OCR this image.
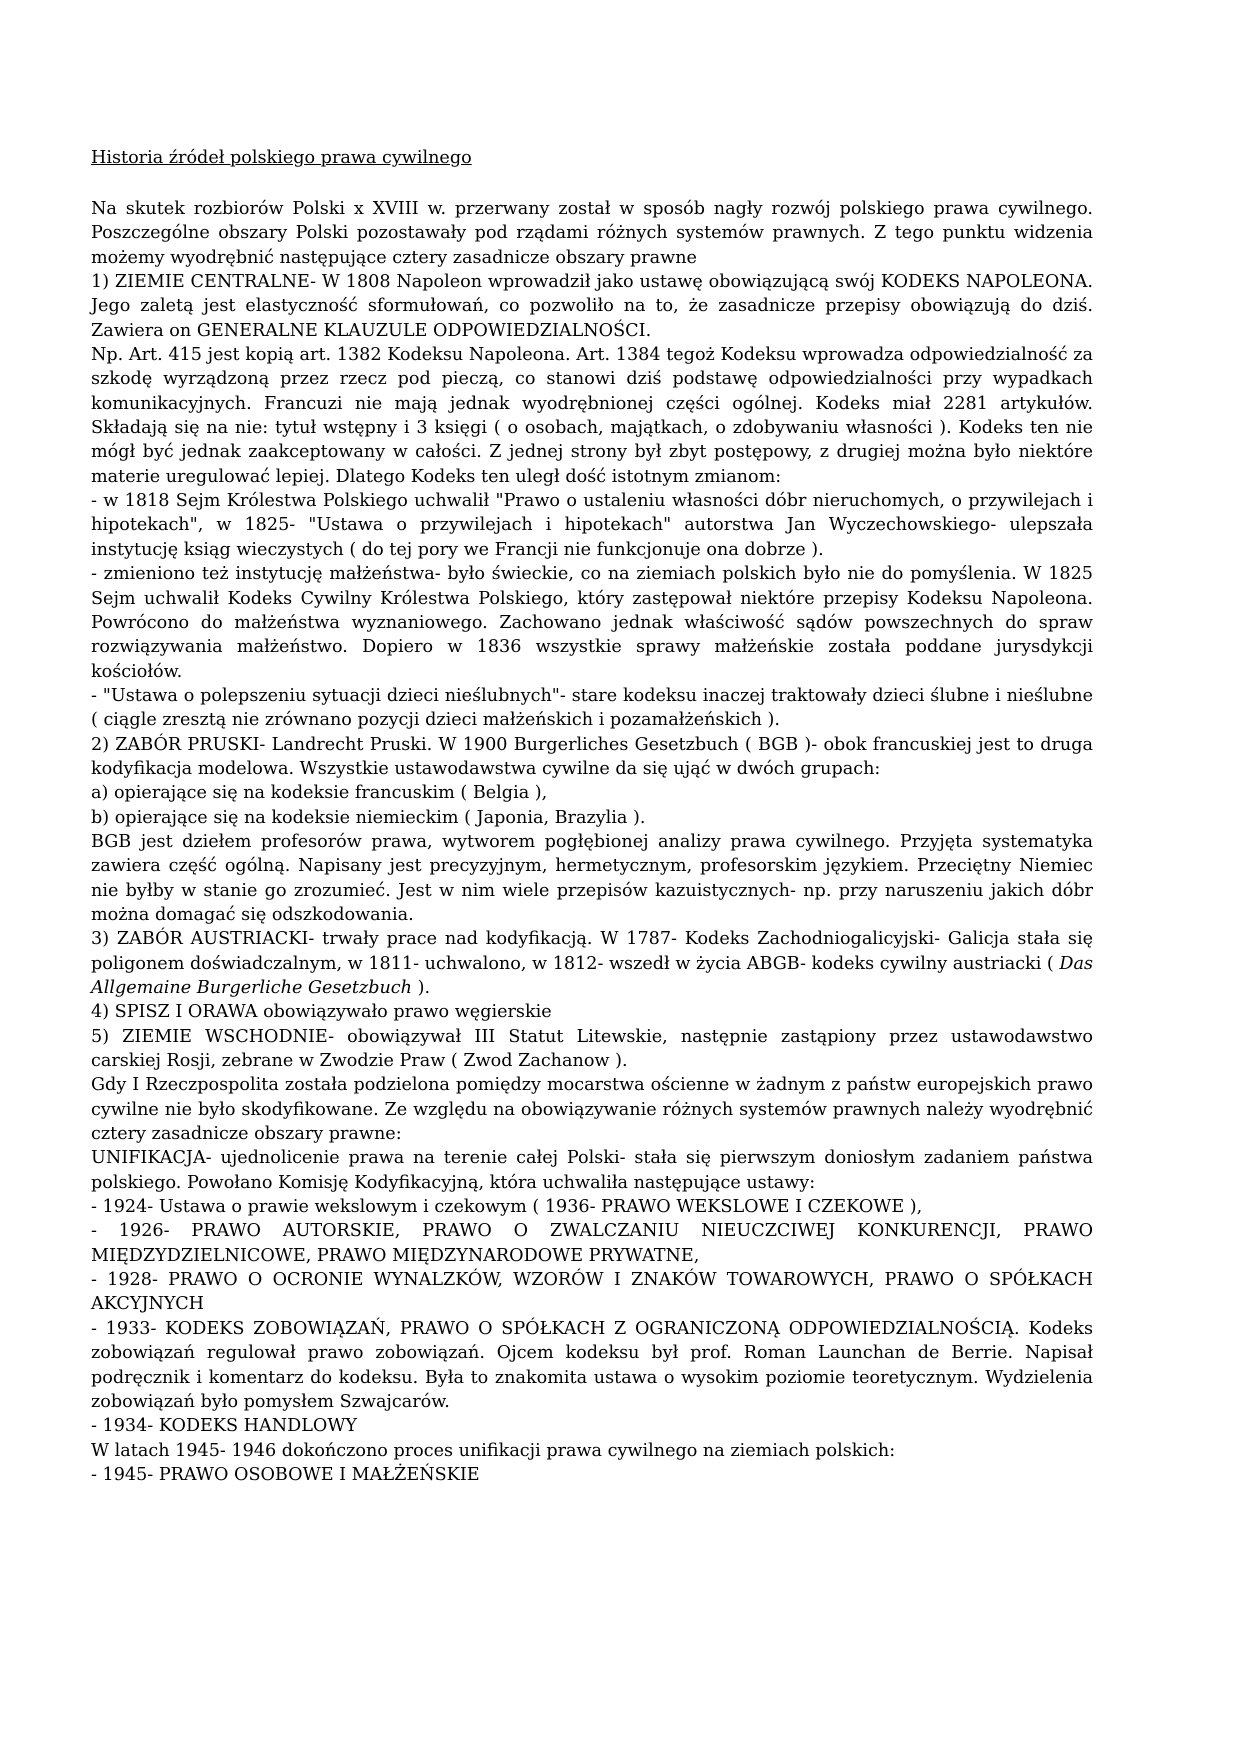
Historia źródeł polskiego prawa cywilnego

Na skutek rozbiorów Polski x XVIII w. przerwany został w sposób nagły rozwój polskiego prawa cywilnego. Poszczególne obszary Polski pozostawały pod rządami różnych systemów prawnych. Z tego punktu widzenia możemy wyodrębnić następujące cztery zasadnicze obszary prawne

1) ZIEMIE CENTRALNE- W 1808 Napoleon wprowadził jako ustawę obowiązującą swój KODEKS NAPOLEONA. Jego zaletą jest elastyczność sformułowań, co pozwoliło na to, że zasadnicze przepisy obowiązują do dziś. Zawiera on GENERALNE KLAUZULE ODPOWIEDZIALNOŚCI.

Np. Art. 415 jest kopią art. 1382 Kodeksu Napoleona. Art. 1384 tegoż Kodeksu wprowadza odpowiedzialność za szkodę wyrządzoną przez rzecz pod pieczą, co stanowi dziś podstawę odpowiedzialności przy wypadkach komunikacyjnych. Francuzi nie mają jednak wyodrębnionej części ogólnej. Kodeks miał 2281 artykułów. Składają się na nie: tytuł wstępny i 3 księgi ( o osobach, majątkach, o zdobywaniu własności ). Kodeks ten nie mógł być jednak zaakceptowany w całości. Z jednej strony był zbyt postępowy, z drugiej można było niektóre materie uregulować lepiej. Dlatego Kodeks ten uległ dość istotnym zmianom:

- w 1818 Sejm Królestwa Polskiego uchwalił "Prawo o ustaleniu własności dóbr nieruchomych, o przywilejach i hipotekach", w 1825- "Ustawa o przywilejach i hipotekach" autorstwa Jan Wyczechowskiego- ulepszała instytucję ksiąg wieczystych ( do tej pory we Francji nie funkcjonuje ona dobrze ).

- zmieniono też instytucję małżeństwa- było świeckie, co na ziemiach polskich było nie do pomyślenia. W 1825 Sejm uchwalił Kodeks Cywilny Królestwa Polskiego, który zastępował niektóre przepisy Kodeksu Napoleona. Powrócono do małżeństwa wyznaniowego. Zachowano jednak właściwość sądów powszechnych do spraw rozwiązywania małżeństwo. Dopiero w 1836 wszystkie sprawy małżeńskie została poddane jurysdykcji kościołów.

- "Ustawa o polepszeniu sytuacji dzieci nieślubnych"- stare kodeksu inaczej traktowały dzieci ślubne i nieślubne ( ciągle zresztą nie zrównano pozycji dzieci małżeńskich i pozamałżeńskich ).

2) ZABÓR PRUSKI- Landrecht Pruski. W 1900 Burgerliches Gesetzbuch ( BGB )- obok francuskiej jest to druga kodyfikacja modelowa. Wszystkie ustawodawstwa cywilne da się ująć w dwóch grupach:

a) opierające się na kodeksie francuskim ( Belgia ),

b) opierające się na kodeksie niemieckim ( Japonia, Brazylia ).

BGB jest dziełem profesorów prawa, wytworem pogłębionej analizy prawa cywilnego. Przyjęta systematyka zawiera część ogólną. Napisany jest precyzyjnym, hermetycznym, profesorskim językiem. Przeciętny Niemiec nie byłby w stanie go zrozumieć. Jest w nim wiele przepisów kazuistycznych- np. przy naruszeniu jakich dóbr można domagać się odszkodowania.

3) ZABÓR AUSTRIACKI- trwały prace nad kodyfikacją. W 1787- Kodeks Zachodniogalicyjski- Galicja stała się poligonem doświadczalnym, w 1811- uchwalono, w 1812- wszedł w życia ABGB- kodeks cywilny austriacki ( Das Allgemaine Burgerliche Gesetzbuch ).

4) SPISZ I ORAWA obowiązywało prawo węgierskie

5) ZIEMIE WSCHODNIE- obowiązywał III Statut Litewskie, następnie zastąpiony przez ustawodawstwo carskiej Rosji, zebrane w Zwodzie Praw ( Zwod Zachanow ).

Gdy I Rzeczpospolita została podzielona pomiędzy mocarstwa ościenne w żadnym z państw europejskich prawo cywilne nie było skodyfikowane. Ze względu na obowiązywanie różnych systemów prawnych należy wyodrębnić cztery zasadnicze obszary prawne:

UNIFIKACJA- ujednolicenie prawa na terenie całej Polski- stała się pierwszym doniosłym zadaniem państwa polskiego. Powołano Komisję Kodyfikacyjną, która uchwaliła następujące ustawy:

- 1924- Ustawa o prawie wekslowym i czekowym ( 1936- PRAWO WEKSLOWE I CZEKOWE ),

- 1926- PRAWO AUTORSKIE, PRAWO O ZWALCZANIU NIEUCZCIWEJ KONKURENCJI, PRAWO MIĘDZYDZIELNICOWE, PRAWO MIĘDZYNARODOWE PRYWATNE,

- 1928- PRAWO O OCRONIE WYNALZKÓW, WZORÓW I ZNAKÓW TOWAROWYCH, PRAWO O SPÓŁKACH AKCYJNYCH

- 1933- KODEKS ZOBOWIĄZAŃ, PRAWO O SPÓŁKACH Z OGRANICZONĄ ODPOWIEDZIALNOŚCIĄ. Kodeks zobowiązań regulował prawo zobowiązań. Ojcem kodeksu był prof. Roman Launchan de Berrie. Napisał podręcznik i komentarz do kodeksu. Była to znakomita ustawa o wysokim poziomie teoretycznym. Wydzielenia zobowiązań było pomysłem Szwajcarów.

- 1934- KODEKS HANDLOWY

W latach 1945- 1946 dokończono proces unifikacji prawa cywilnego na ziemiach polskich:

- 1945- PRAWO OSOBOWE I MAŁŻEŃSKIE
